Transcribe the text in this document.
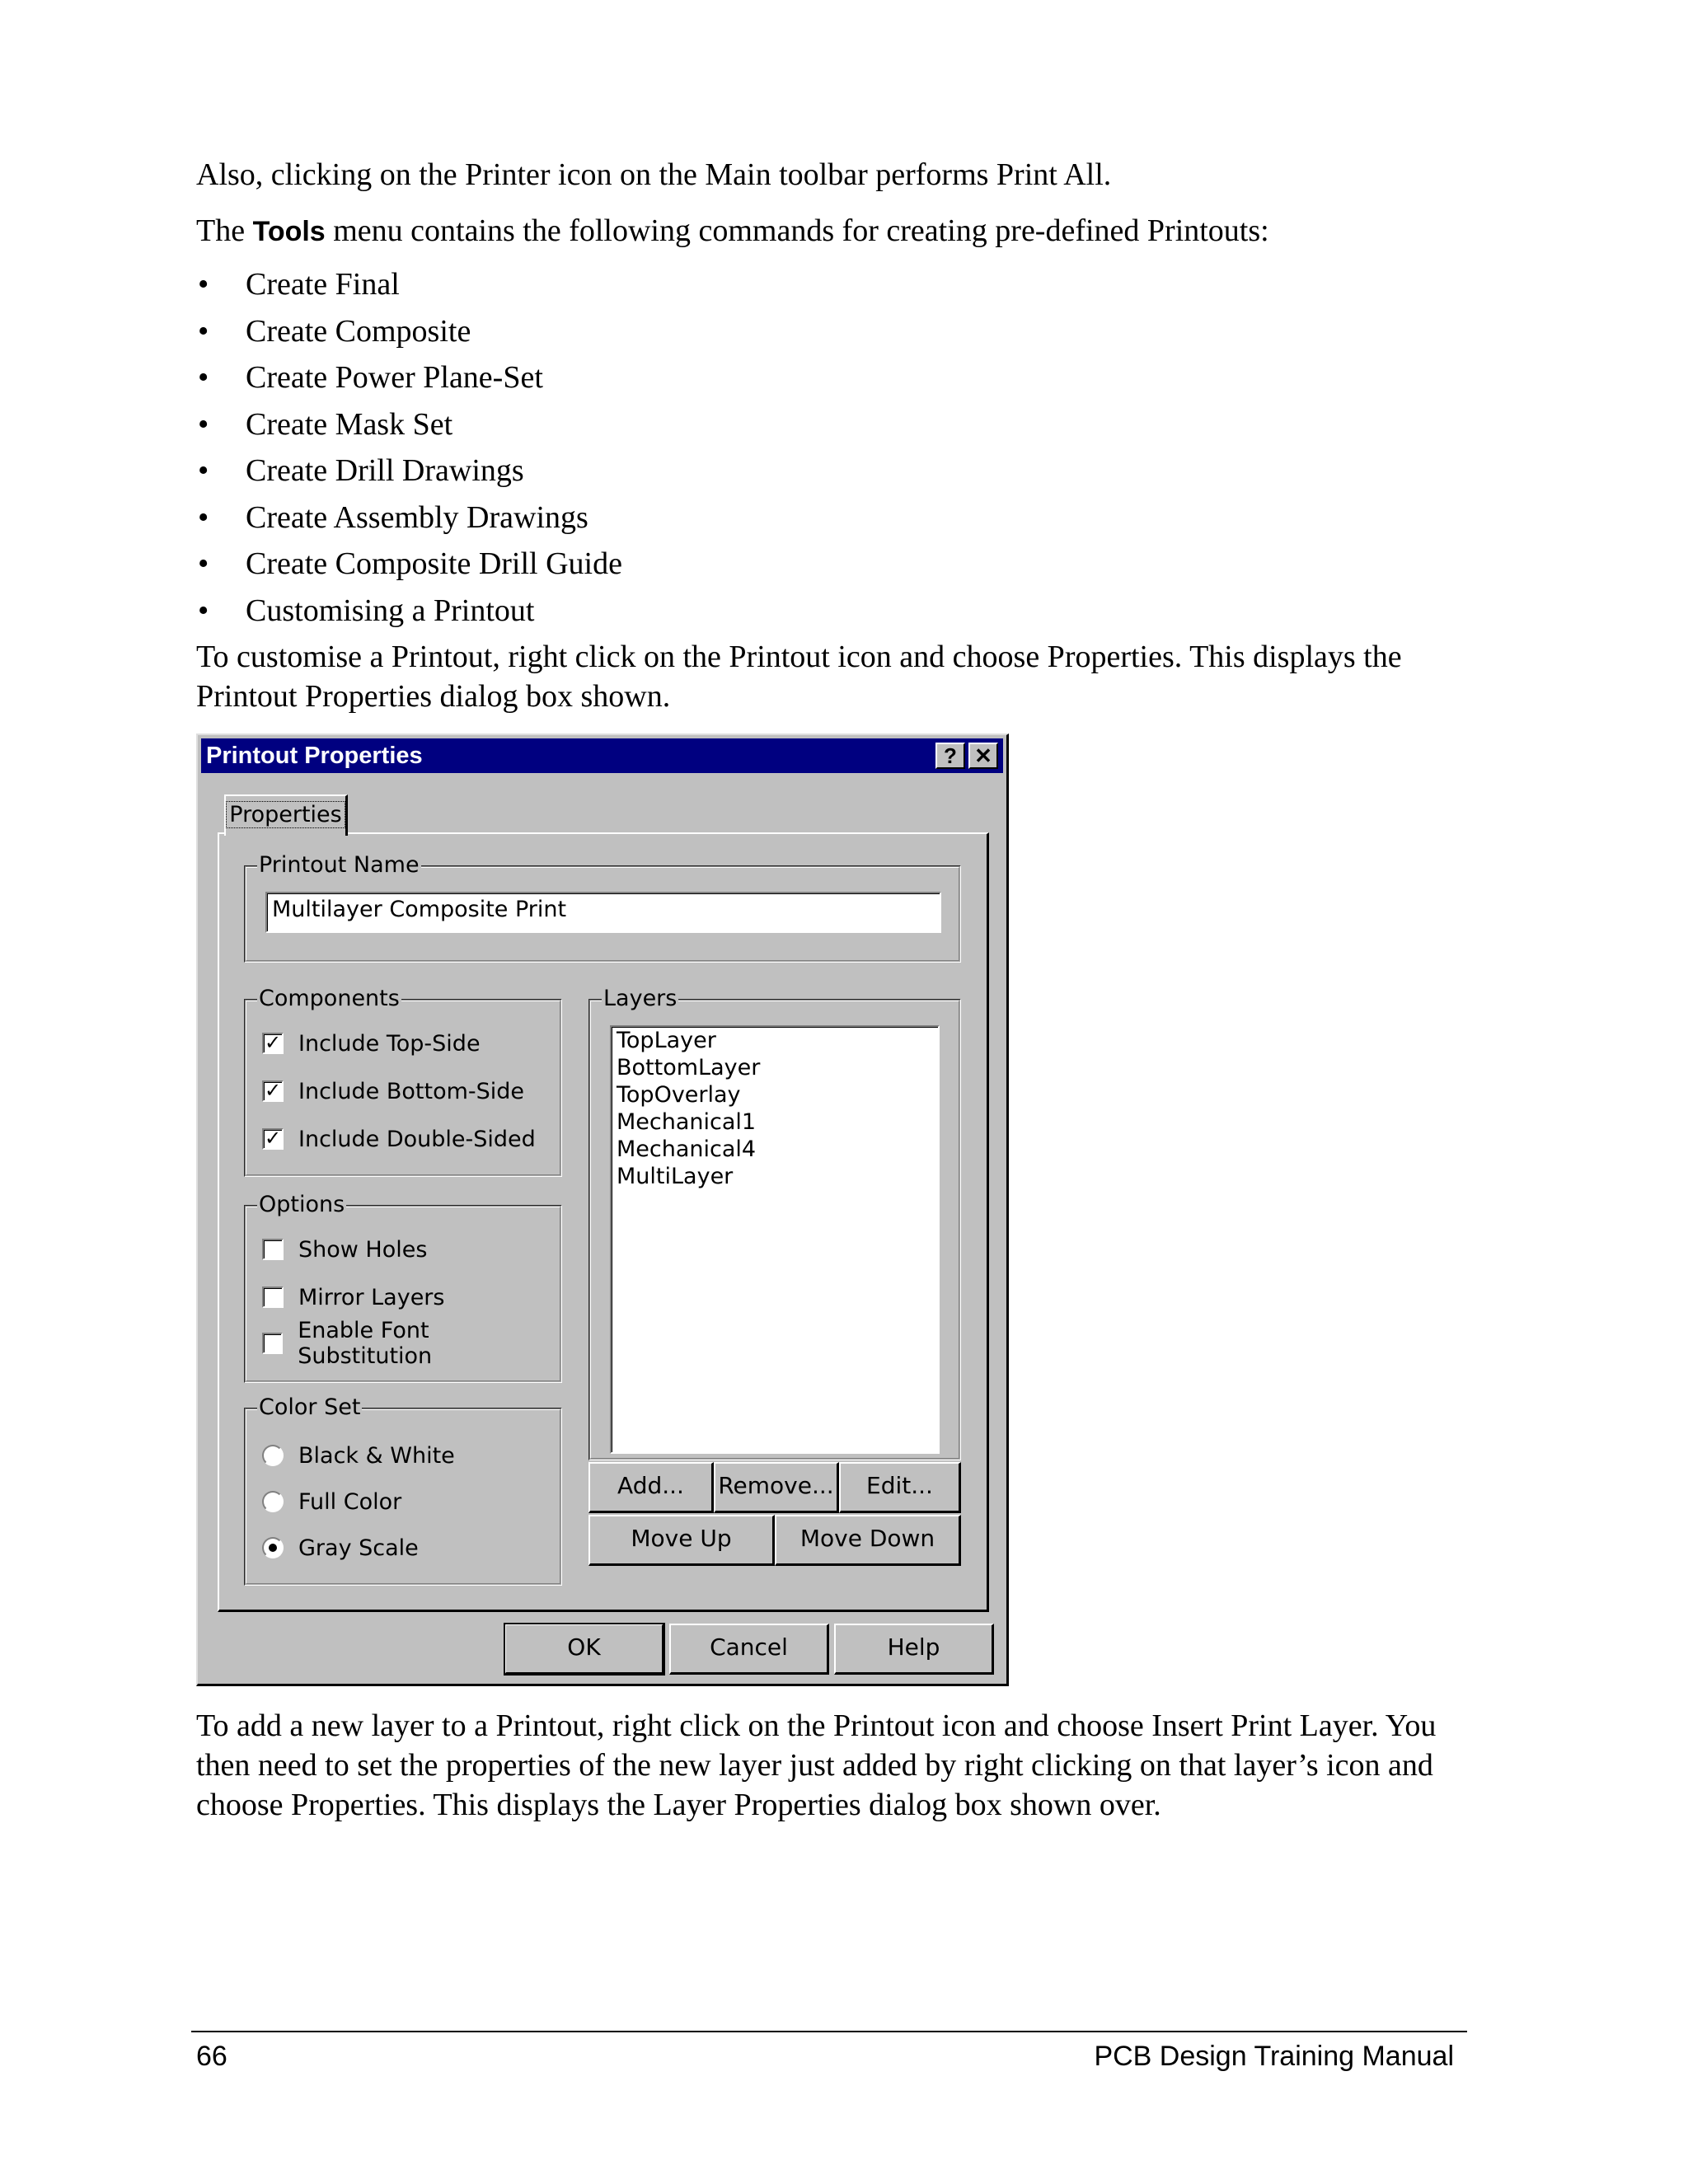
Also, clicking on the Printer icon on the Main toolbar performs Print All.
The Tools menu contains the following commands for creating pre-defined Printouts:
• Create Final
• Create Composite
• Create Power Plane-Set
• Create Mask Set
• Create Drill Drawings
• Create Assembly Drawings
• Create Composite Drill Guide
• Customising a Printout
To customise a Printout, right click on the Printout icon and choose Properties. This displays the Printout Properties dialog box shown.
Printout Properties	? ✕
Properties
Printout Name
Multilayer Composite Print
Components
✓ Include Top-Side
✓ Include Bottom-Side
✓ Include Double-Sided
Options
Show Holes
Mirror Layers
Enable Font Substitution
Color Set
Black & White
Full Color
Gray Scale
Layers
TopLayer
BottomLayer
TopOverlay
Mechanical1
Mechanical4
MultiLayer
Add...	Remove...	Edit...
Move Up	Move Down
OK	Cancel	Help
To add a new layer to a Printout, right click on the Printout icon and choose Insert Print Layer. You then need to set the properties of the new layer just added by right clicking on that layer’s icon and choose Properties. This displays the Layer Properties dialog box shown over.
66	PCB Design Training Manual
